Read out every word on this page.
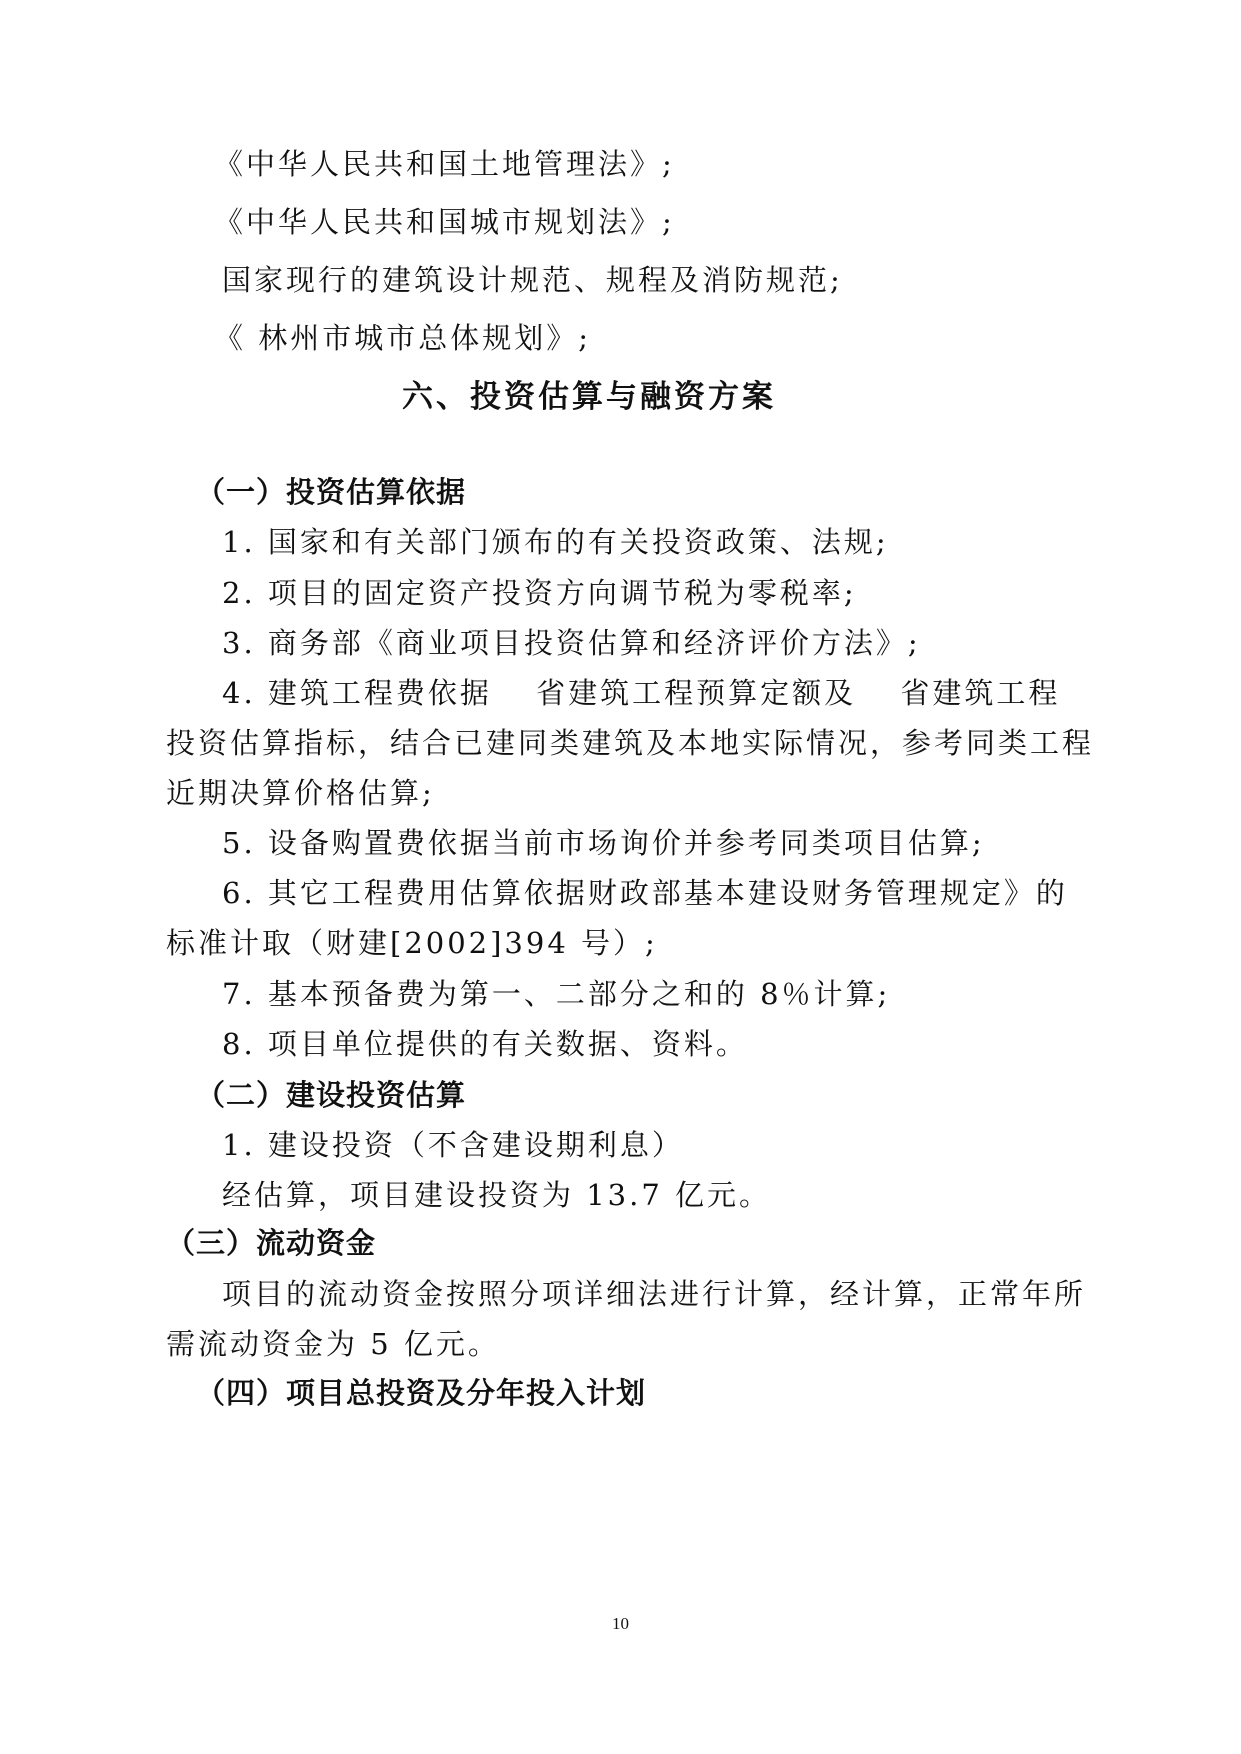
《中华人民共和国土地管理法》;
《中华人民共和国城市规划法》;
国家现行的建筑设计规范、规程及消防规范;
《 林州市城市总体规划》;
六、投资估算与融资方案
（一）投资估算依据
1. 国家和有关部门颁布的有关投资政策、法规;
2. 项目的固定资产投资方向调节税为零税率;
3. 商务部《商业项目投资估算和经济评价方法》;
4. 建筑工程费依据　 省建筑工程预算定额及　 省建筑工程
投资估算指标，结合已建同类建筑及本地实际情况，参考同类工程
近期决算价格估算;
5. 设备购置费依据当前市场询价并参考同类项目估算;
6. 其它工程费用估算依据财政部基本建设财务管理规定》的
标准计取（财建[2002]394 号）;
7. 基本预备费为第一、二部分之和的 8％计算;
8. 项目单位提供的有关数据、资料。
（二）建设投资估算
1. 建设投资（不含建设期利息）
经估算，项目建设投资为 13.7 亿元。
（三）流动资金
项目的流动资金按照分项详细法进行计算，经计算，正常年所
需流动资金为 5 亿元。
（四）项目总投资及分年投入计划
10
